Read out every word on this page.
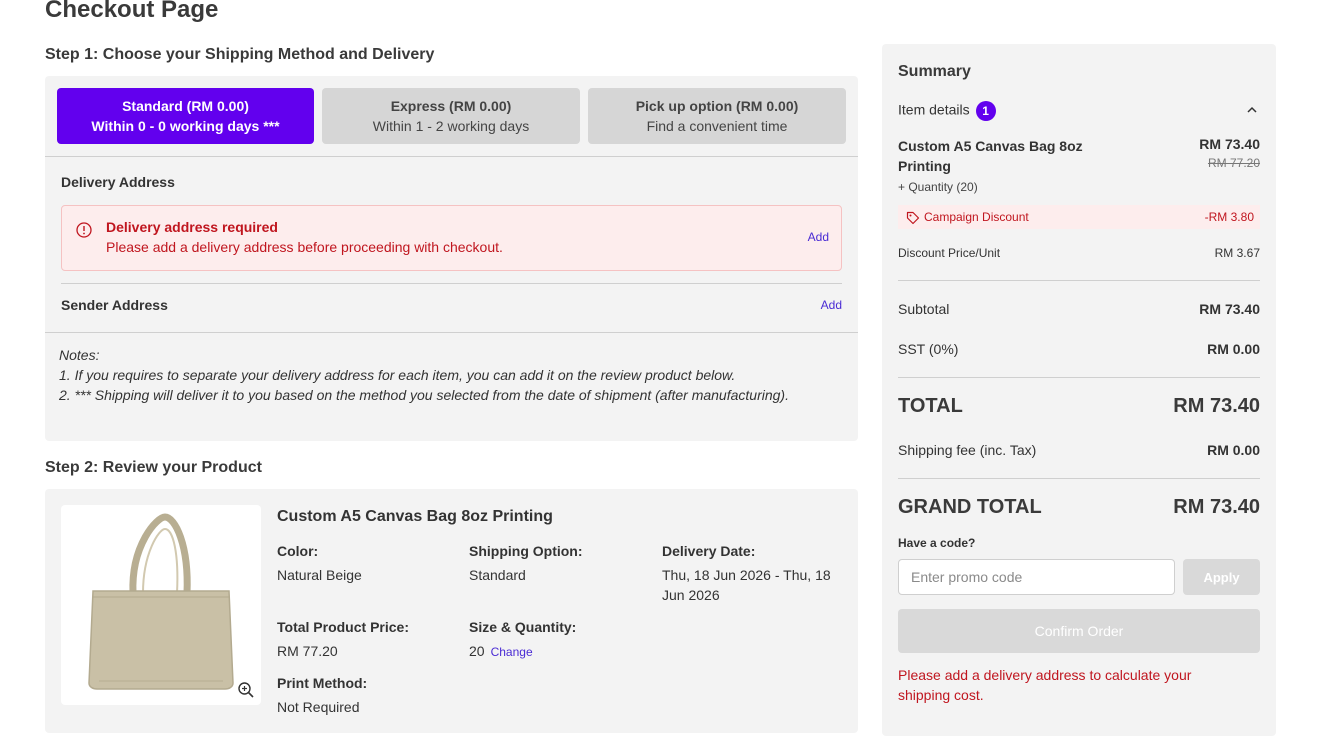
Checkout Page
Step 1: Choose your Shipping Method and Delivery
Standard (RM 0.00)
Within 0 - 0 working days ***
Express (RM 0.00)
Within 1 - 2 working days
Pick up option (RM 0.00)
Find a convenient time
Delivery Address
Delivery address required
Please add a delivery address before proceeding with checkout.
Add
Sender Address	Add
Notes:
1. If you requires to separate your delivery address for each item, you can add it on the review product below.
2. *** Shipping will deliver it to you based on the method you selected from the date of shipment (after manufacturing).
Step 2: Review your Product
Custom A5 Canvas Bag 8oz Printing
Color:
Natural Beige
Shipping Option:
Standard
Delivery Date:
Thu, 18 Jun 2026 - Thu, 18 Jun 2026
Total Product Price:
RM 77.20
Size & Quantity:
20 Change
Print Method:
Not Required
Summary
Item details 1
Custom A5 Canvas Bag 8oz Printing
RM 73.40
RM 77.20
+ Quantity (20)
Campaign Discount	-RM 3.80
Discount Price/Unit	RM 3.67
Subtotal	RM 73.40
SST (0%)	RM 0.00
TOTAL	RM 73.40
Shipping fee (inc. Tax)	RM 0.00
GRAND TOTAL	RM 73.40
Have a code?
Enter promo code
Apply
Confirm Order
Please add a delivery address to calculate your shipping cost.
